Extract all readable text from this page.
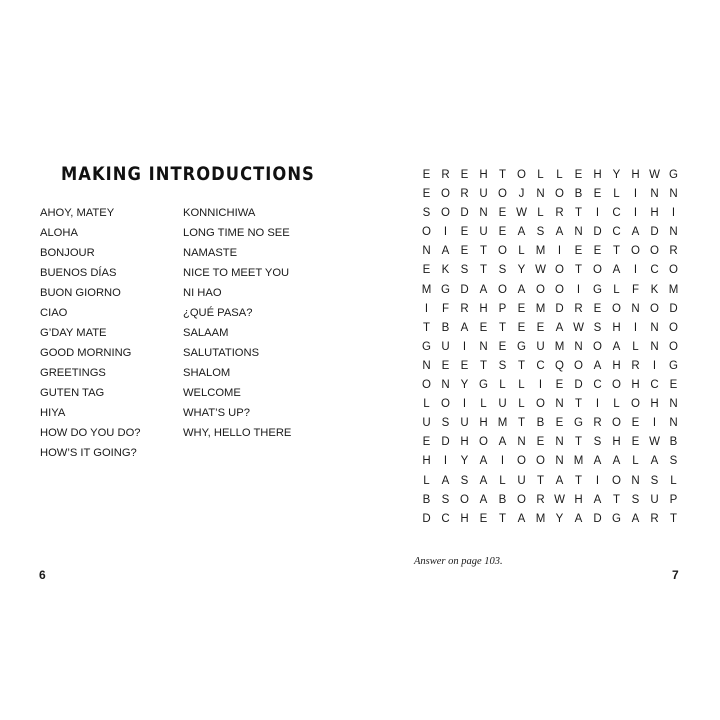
MAKING INTRODUCTIONS
AHOY, MATEY
ALOHA
BONJOUR
BUENOS DÍAS
BUON GIORNO
CIAO
G’DAY MATE
GOOD MORNING
GREETINGS
GUTEN TAG
HIYA
HOW DO YOU DO?
HOW’S IT GOING?
KONNICHIWA
LONG TIME NO SEE
NAMASTE
NICE TO MEET YOU
NI HAO
¿QUÉ PASA?
SALAAM
SALUTATIONS
SHALOM
WELCOME
WHAT’S UP?
WHY, HELLO THERE
6
E R E H T O L	L	E H Y H W G
E O R U O	J	N O B E	L	I	N N
S O D N E W L	R T	I	C	I	H	I
O	I	E U E A S A N D C A D N
N A E	T O L M	I	E E	T O O R
E K S	T	S Y W O T O A	I	C O
M G D A O A O O	I	G L	F	K M
I	F R H P E M D R E O N O D
T	B A E	T	E E A W S H	I	N O
G U	I	N E G U M N O A	L	N O
N E E	T	S	T C Q O A H R	I	G
O N Y G L	L	I	E D C O H C E
L O	I	L	U	L O N T	I	L O H N
U S U H M T	B E G R O E	I	N
E D H O A N E N T	S H E W B
H	I	Y A	I	O O N M A A	L	A S
L	A S A	L	U T	A	T	I	O N S	L
B S O A B O R W H A	T	S U P
D C H E	T	A M Y A D G A R T
Answer on page 103.
7
